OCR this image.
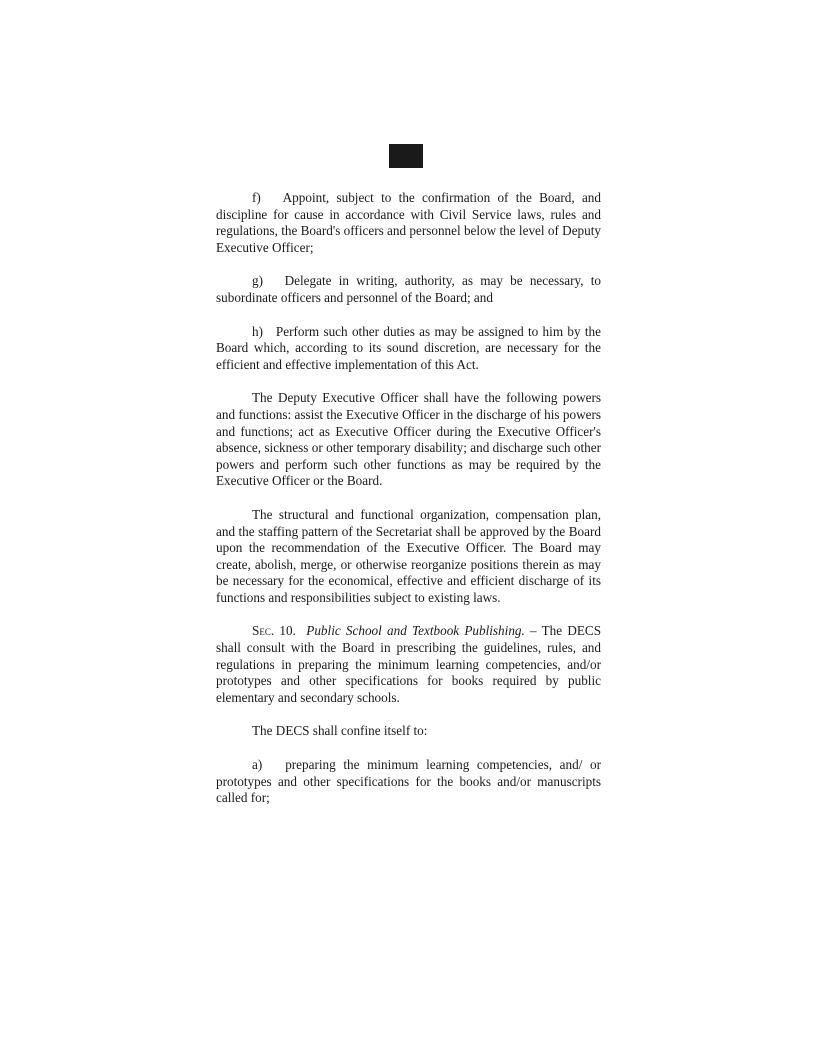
f)   Appoint, subject to the confirmation of the Board, and discipline for cause in accordance with Civil Service laws, rules and regulations, the Board's officers and personnel below the level of Deputy Executive Officer;

g)   Delegate in writing, authority, as may be necessary, to subordinate officers and personnel of the Board; and

h)   Perform such other duties as may be assigned to him by the Board which, according to its sound discretion, are necessary for the efficient and effective implementation of this Act.

The Deputy Executive Officer shall have the following powers and functions: assist the Executive Officer in the discharge of his powers and functions; act as Executive Officer during the Executive Officer's absence, sickness or other temporary disability; and discharge such other powers and perform such other functions as may be required by the Executive Officer or the Board.

The structural and functional organization, compensation plan, and the staffing pattern of the Secretariat shall be approved by the Board upon the recommendation of the Executive Officer. The Board may create, abolish, merge, or otherwise reorganize positions therein as may be necessary for the economical, effective and efficient discharge of its functions and responsibilities subject to existing laws.

Sec. 10. Public School and Textbook Publishing. – The DECS shall consult with the Board in prescribing the guidelines, rules, and regulations in preparing the minimum learning competencies, and/or prototypes and other specifications for books required by public elementary and secondary schools.

The DECS shall confine itself to:

a)   preparing the minimum learning competencies, and/ or prototypes and other specifications for the books and/or manuscripts called for;
